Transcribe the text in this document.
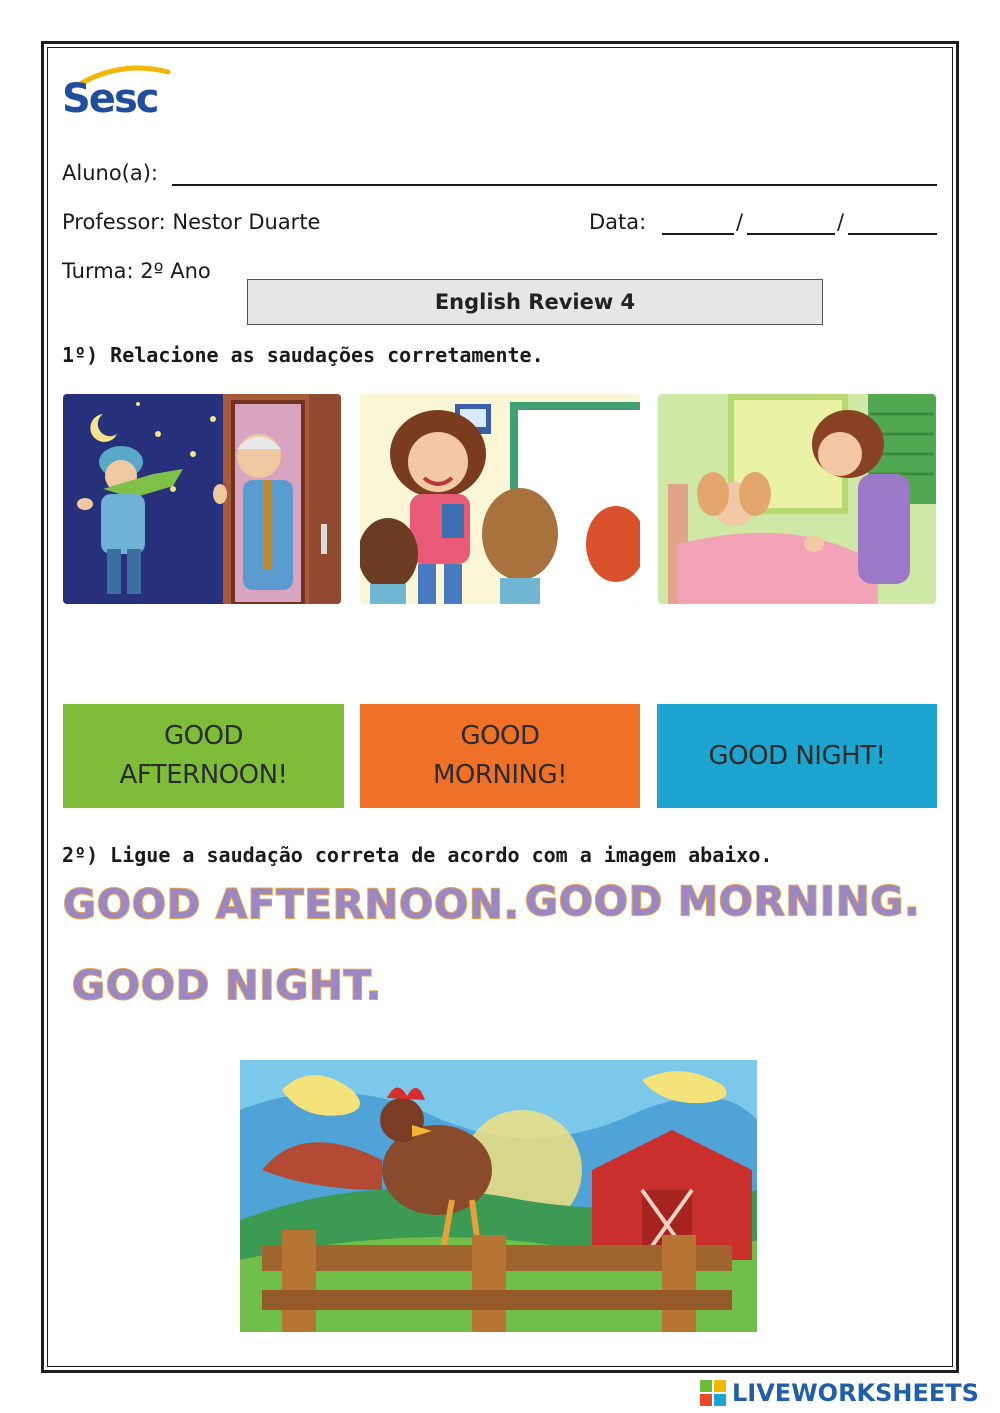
Sesc
Aluno(a):
Professor: Nestor Duarte	Data:	/	/
Turma: 2º Ano
English Review 4
1º) Relacione as saudações corretamente.
GOOD
AFTERNOON!
GOOD
MORNING!
GOOD NIGHT!
2º) Ligue a saudação correta de acordo com a imagem abaixo.
GOOD AFTERNOON. GOOD MORNING.
GOOD NIGHT.
LIVEWORKSHEETS
